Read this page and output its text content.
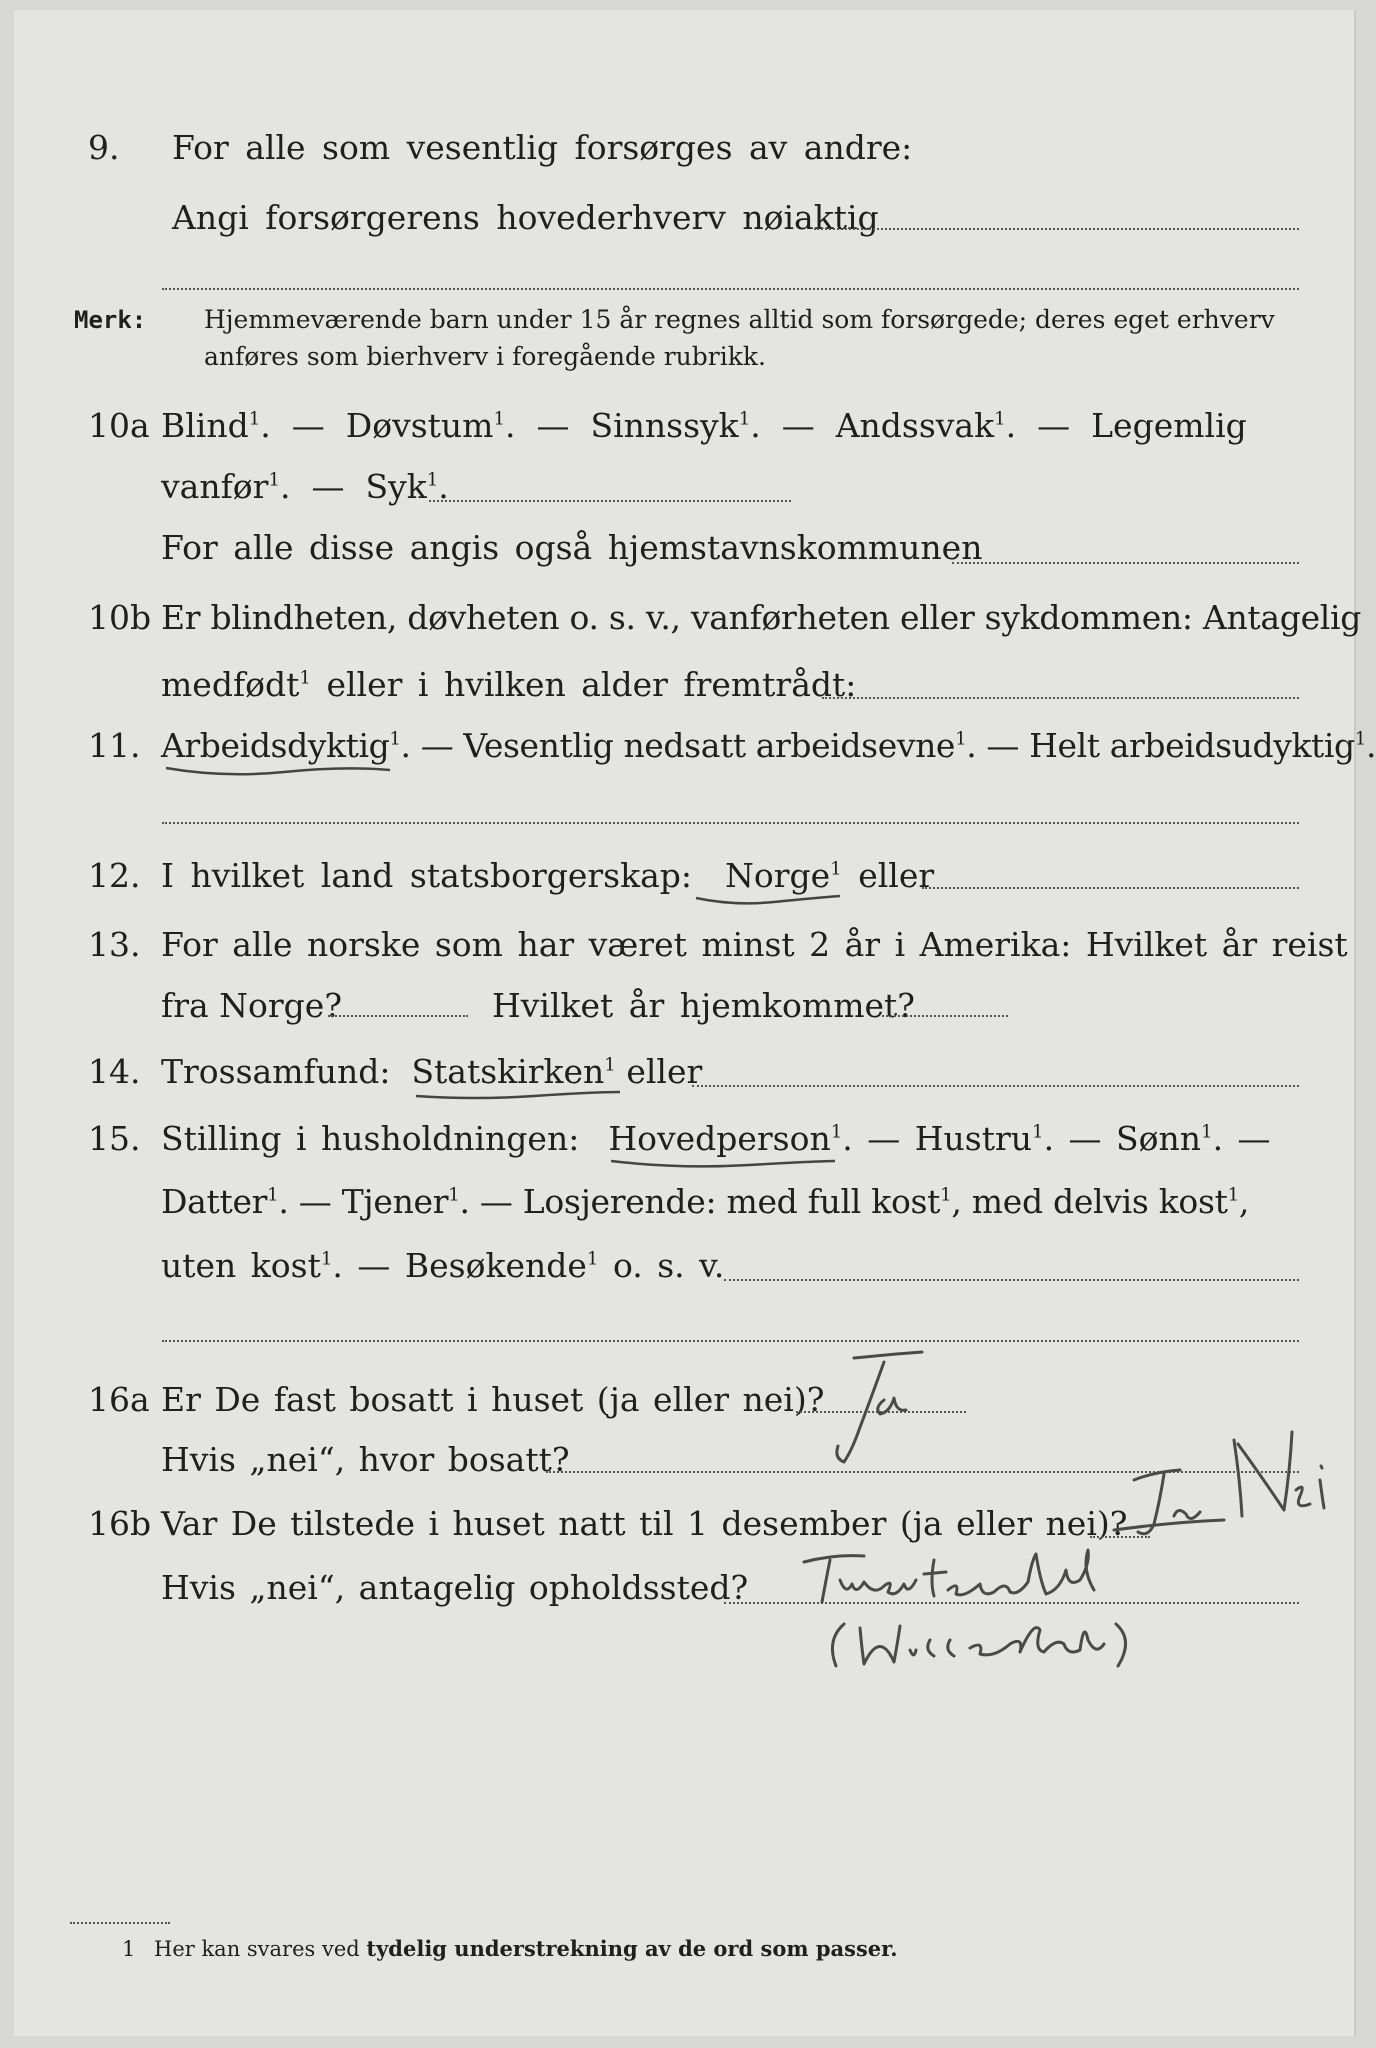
9. For alle som vesentlig forsørges av andre:
Angi forsørgerens hovederhverv nøiaktig
Merk: Hjemmeværende barn under 15 år regnes alltid som forsørgede; deres eget erhverv
anføres som bierhverv i foregående rubrikk.
10a Blind$^1$.  — Døvstum$^1$.  — Sinnssyk$^1$.  — Andssvak$^1$.  — Legemlig
vanfør$^1$.  — Syk$^1$.
For alle disse angis også hjemstavnskommunen
10b Er blindheten, døvheten o. s. v., vanførheten eller sykdommen: Antagelig
medfødt$^1$ eller i hvilken alder fremtrådt:
11. Arbeidsdyktig$^1$. — Vesentlig nedsatt arbeidsevne$^1$. — Helt arbeidsudyktig$^1$.
12. I hvilket land statsborgerskap: Norge$^1$ eller
13. For alle norske som har været minst 2 år i Amerika: Hvilket år reist
fra Norge?	Hvilket år hjemkommet?
14. Trossamfund: Statskirken$^1$ eller
15. Stilling i husholdningen: Hovedperson$^1$. — Hustru$^1$. — Sønn$^1$. —
Datter$^1$. — Tjener$^1$. — Losjerende: med full kost$^1$, med delvis kost$^1$,
uten kost$^1$. — Besøkende$^1$ o. s. v.
16a Er De fast bosatt i huset (ja eller nei)?
Hvis „nei“, hvor bosatt?
16b Var De tilstede i huset natt til 1 desember (ja eller nei)?
Hvis „nei“, antagelig opholdssted?
1 Her kan svares ved tydelig understrekning av de ord som passer.
